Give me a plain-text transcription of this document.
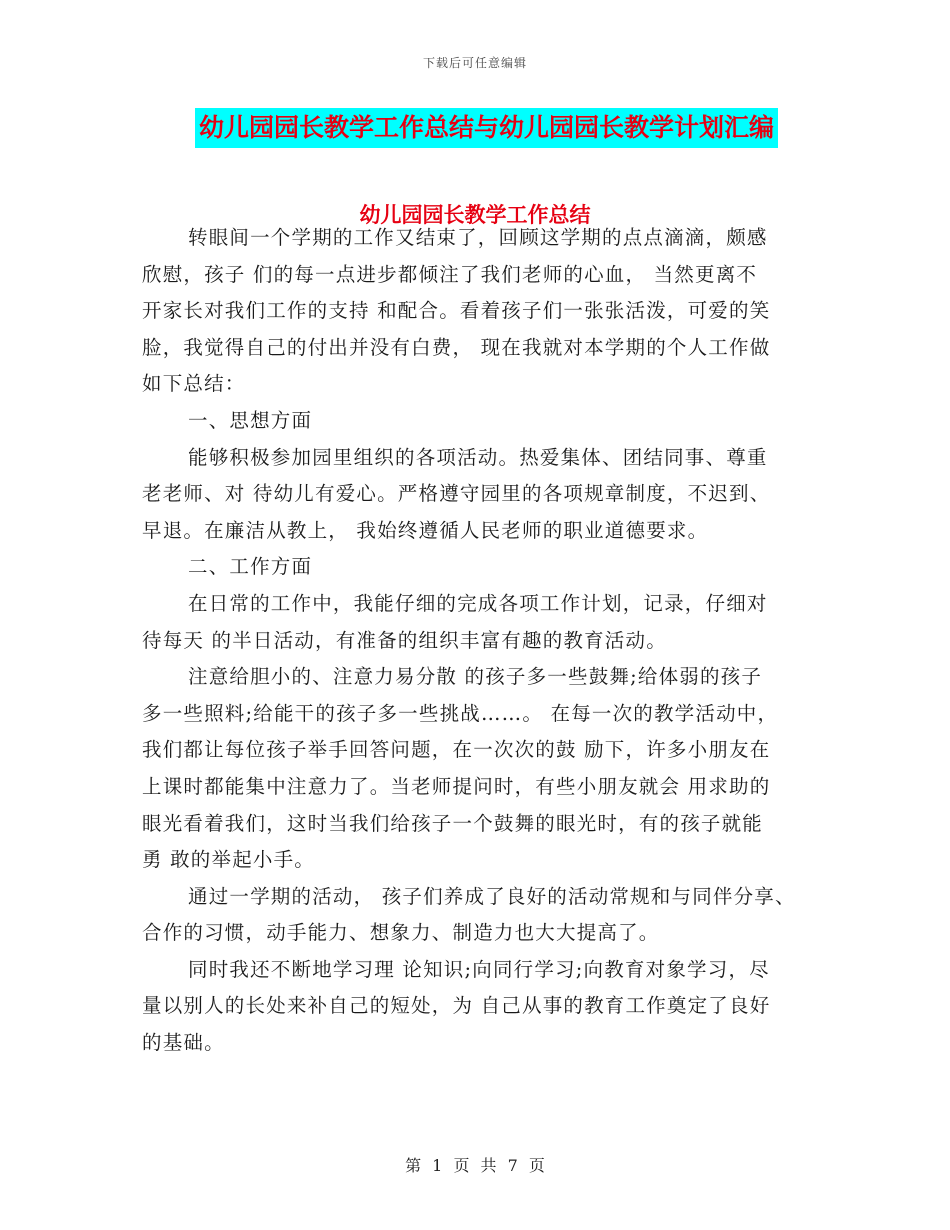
下载后可任意编辑
幼儿园园长教学工作总结与幼儿园园长教学计划汇编
幼儿园园长教学工作总结
转眼间一个学期的工作又结束了，回顾这学期的点点滴滴，颇感
欣慰，孩子 们的每一点进步都倾注了我们老师的心血， 当然更离不
开家长对我们工作的支持 和配合。看着孩子们一张张活泼，可爱的笑
脸，我觉得自己的付出并没有白费， 现在我就对本学期的个人工作做
如下总结：
一、思想方面
能够积极参加园里组织的各项活动。热爱集体、团结同事、尊重
老老师、对 待幼儿有爱心。严格遵守园里的各项规章制度，不迟到、
早退。在廉洁从教上， 我始终遵循人民老师的职业道德要求。
二、工作方面
在日常的工作中，我能仔细的完成各项工作计划，记录，仔细对
待每天 的半日活动，有准备的组织丰富有趣的教育活动。
注意给胆小的、注意力易分散 的孩子多一些鼓舞;给体弱的孩子
多一些照料;给能干的孩子多一些挑战……。 在每一次的教学活动中，
我们都让每位孩子举手回答问题，在一次次的鼓 励下，许多小朋友在
上课时都能集中注意力了。当老师提问时，有些小朋友就会 用求助的
眼光看着我们，这时当我们给孩子一个鼓舞的眼光时，有的孩子就能
勇 敢的举起小手。
通过一学期的活动， 孩子们养成了良好的活动常规和与同伴分享、
合作的习惯，动手能力、想象力、制造力也大大提高了。
同时我还不断地学习理 论知识;向同行学习;向教育对象学习，尽
量以别人的长处来补自己的短处，为 自己从事的教育工作奠定了良好
的基础。
第 1 页 共 7 页
